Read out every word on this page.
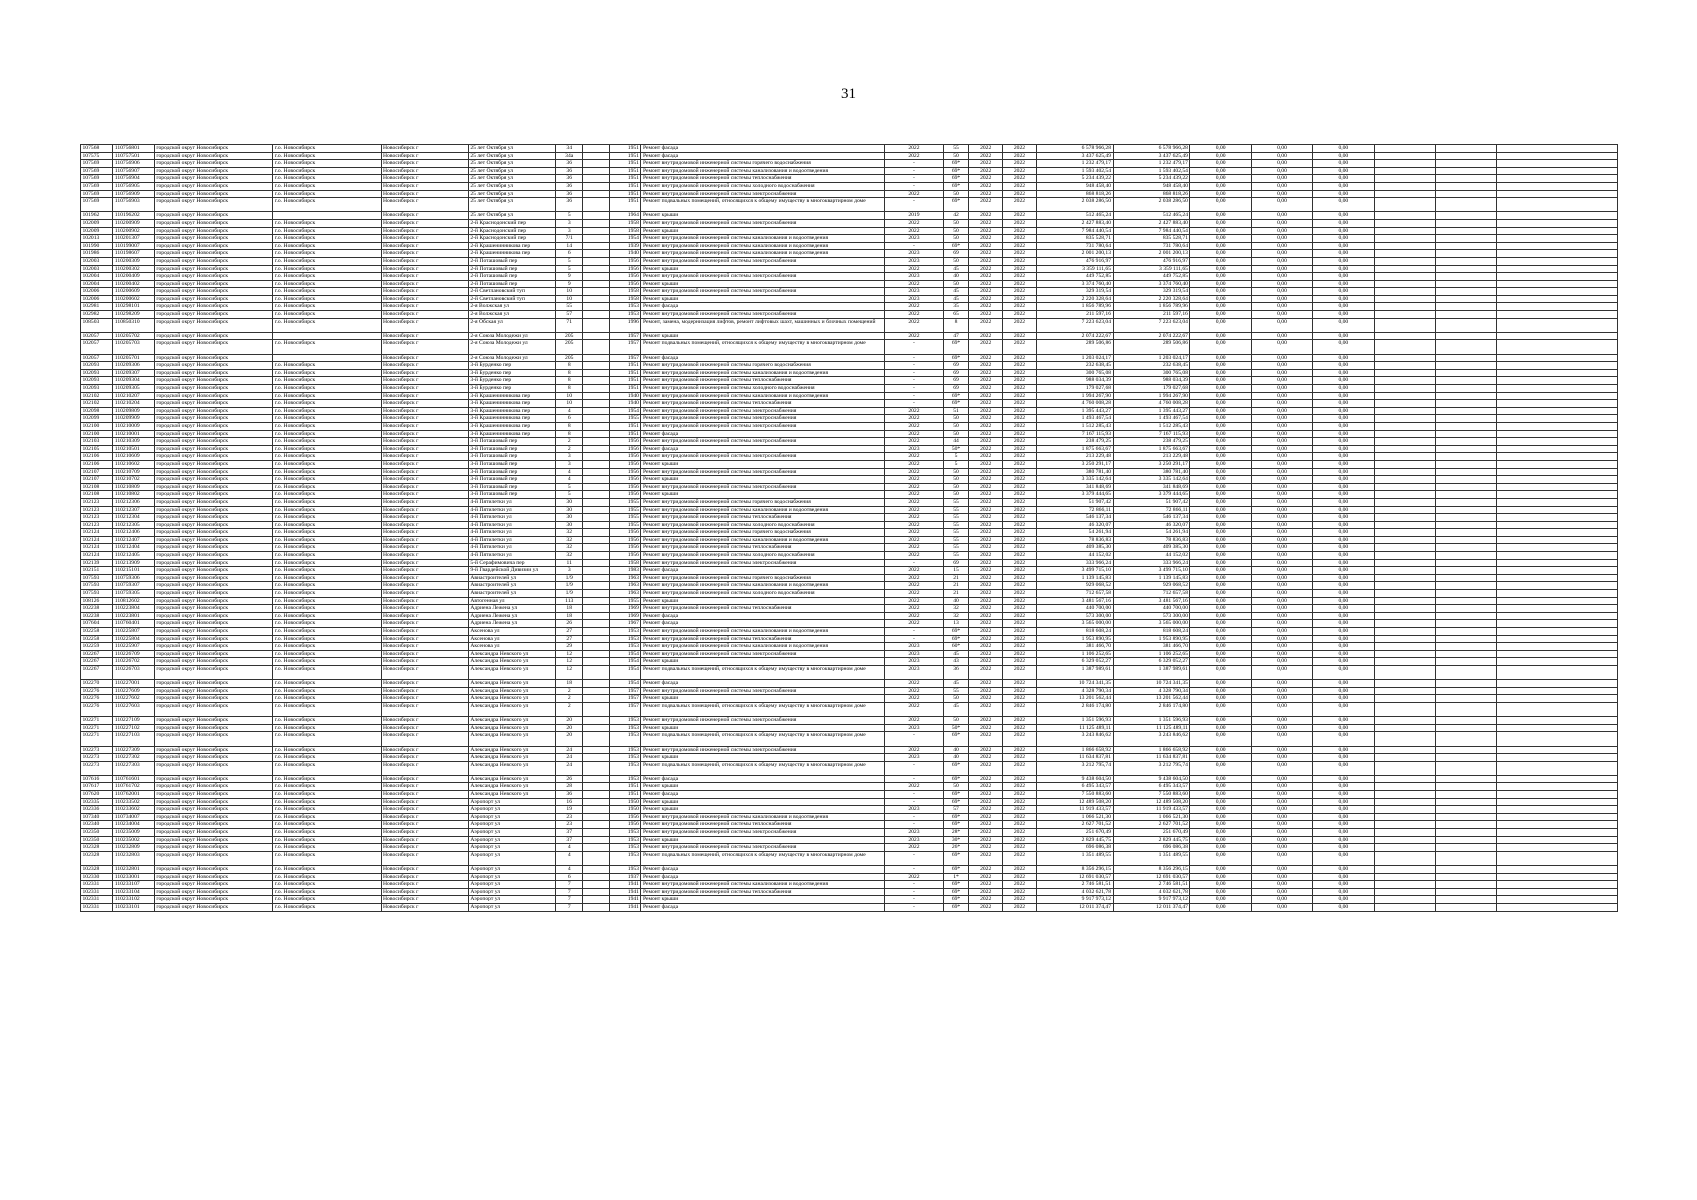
31
107568	110756801	городской округ Новосибирск	г.о. Новосибирск	Новосибирск г	25 лет Октября ул	34		1951	Ремонт фасада	2022	55	2022	2022	6 578 966,28	6 578 966,28	0,00	0,00	0,00			
107575	110757501	городской округ Новосибирск	г.о. Новосибирск	Новосибирск г	25 лет Октября ул	34а		1951	Ремонт фасада	2022	50	2022	2022	3 437 625,49	3 437 625,49	0,00	0,00	0,00			
107569	110756906	городской округ Новосибирск	г.о. Новосибирск	Новосибирск г	25 лет Октября ул	36		1951	Ремонт внутридомовой инженерной системы горячего водоснабжения	-	69*	2022	2022	1 232 479,17	1 232 479,17	0,00	0,00	0,00			
107569	110756907	городской округ Новосибирск	г.о. Новосибирск	Новосибирск г	25 лет Октября ул	36		1951	Ремонт внутридомовой инженерной системы канализования и водоотведения	-	69*	2022	2022	1 593 402,54	1 593 402,54	0,00	0,00	0,00			
107569	110756904	городской округ Новосибирск	г.о. Новосибирск	Новосибирск г	25 лет Октября ул	36		1951	Ремонт внутридомовой инженерной системы теплоснабжения	-	69*	2022	2022	5 234 439,22	5 234 439,22	0,00	0,00	0,00			
107569	110756905	городской округ Новосибирск	г.о. Новосибирск	Новосибирск г	25 лет Октября ул	36		1951	Ремонт внутридомовой инженерной системы холодного водоснабжения	-	69*	2022	2022	948 458,40	948 458,40	0,00	0,00	0,00			
107569	110756909	городской округ Новосибирск	г.о. Новосибирск	Новосибирск г	25 лет Октября ул	36		1951	Ремонт внутридомовой инженерной системы электроснабжения	2022	50	2022	2022	868 818,26	868 818,26	0,00	0,00	0,00			
107569	110756903	городской округ Новосибирск	г.о. Новосибирск	Новосибирск г	25 лет Октября ул	36		1951	Ремонт подвальных помещений, относящихся к общему имуществу в многоквартирном доме	-	69*	2022	2022	2 038 286,50	2 038 286,50	0,00	0,00	0,00			
101962	110196202	городской округ Новосибирск		Новосибирск г	25 лет Октября ул	5		1964	Ремонт крыши	2019	42	2022	2022	512 465,24	512 465,24	0,00	0,00	0,00			
102009	110200909	городской округ Новосибирск	г.о. Новосибирск	Новосибирск г	2-й Краснодонский пер	3		1958	Ремонт внутридомовой инженерной системы электроснабжения	2022	50	2022	2022	2 427 883,40	2 427 883,40	0,00	0,00	0,00			
102009	110200902	городской округ Новосибирск	г.о. Новосибирск	Новосибирск г	2-й Краснодонский пер	3		1958	Ремонт крыши	2022	50	2022	2022	7 984 440,54	7 984 440,54	0,00	0,00	0,00			
102013	110201307	городской округ Новосибирск	г.о. Новосибирск	Новосибирск г	2-й Краснодонский пер	7/1		1954	Ремонт внутридомовой инженерной системы канализования и водоотведения	2023	50	2022	2022	835 528,71	835 528,71	0,00	0,00	0,00			
101990	110199007	городской округ Новосибирск	г.о. Новосибирск	Новосибирск г	2-й Крашенинникова пер	14		1939	Ремонт внутридомовой инженерной системы канализования и водоотведения	-	69*	2022	2022	731 780,64	731 780,64	0,00	0,00	0,00			
101986	110198607	городской округ Новосибирск	г.о. Новосибирск	Новосибирск г	2-й Крашенинникова пер	6		1940	Ремонт внутридомовой инженерной системы канализования и водоотведения	2023	69	2022	2022	2 001 200,13	2 001 200,13	0,00	0,00	0,00			
102003	110200309	городской округ Новосибирск	г.о. Новосибирск	Новосибирск г	2-й Поташовый пер	5		1956	Ремонт внутридомовой инженерной системы электроснабжения	2023	50	2022	2022	476 916,97	476 916,97	0,00	0,00	0,00			
102003	110200302	городской округ Новосибирск	г.о. Новосибирск	Новосибирск г	2-й Поташовый пер	5		1956	Ремонт крыши	2022	45	2022	2022	3 359 111,65	3 359 111,65	0,00	0,00	0,00			
102004	110200409	городской округ Новосибирск	г.о. Новосибирск	Новосибирск г	2-й Поташовый пер	9		1956	Ремонт внутридомовой инженерной системы электроснабжения	2023	40	2022	2022	449 752,85	449 752,85	0,00	0,00	0,00			
102004	110200402	городской округ Новосибирск	г.о. Новосибирск	Новосибирск г	2-й Поташовый пер	9		1956	Ремонт крыши	2022	50	2022	2022	3 374 760,40	3 374 760,40	0,00	0,00	0,00			
102006	110200609	городской округ Новосибирск	г.о. Новосибирск	Новосибирск г	2-й Светлановский туп	10		1958	Ремонт внутридомовой инженерной системы электроснабжения	2023	45	2022	2022	329 319,54	329 319,54	0,00	0,00	0,00			
102006	110200602	городской округ Новосибирск	г.о. Новосибирск	Новосибирск г	2-й Светлановский туп	10		1958	Ремонт крыши	2023	45	2022	2022	2 220 328,64	2 220 328,64	0,00	0,00	0,00			
102981	110298101	городской округ Новосибирск	г.о. Новосибирск	Новосибирск г	2-я Волжская ул	55		1953	Ремонт фасада	2022	35	2022	2022	1 856 789,96	1 856 789,96	0,00	0,00	0,00			
102982	110298209	городской округ Новосибирск	г.о. Новосибирск	Новосибирск г	2-я Волжская ул	57		1953	Ремонт внутридомовой инженерной системы электроснабжения	2022	65	2022	2022	211 597,16	211 597,16	0,00	0,00	0,00			
108503	110850310	городской округ Новосибирск	г.о. Новосибирск	Новосибирск г	2-я Обская ул	71		1996	Ремонт, замена, модернизация лифтов, ремонт лифтовых шахт, машинных и блочных помещений	2022	8	2022	2022	7 223 623,04	7 223 623,04	0,00	0,00	0,00			
102057	110205702	городской округ Новосибирск		Новосибирск г	2-я Союза Молодежи ул	205		1957	Ремонт крыши	2022	47	2022	2022	2 074 222,67	2 074 222,67	0,00	0,00	0,00			
102057	110205703	городской округ Новосибирск	г.о. Новосибирск	Новосибирск г	2-я Союза Молодежи ул	205		1957	Ремонт подвальных помещений, относящихся к общему имуществу в многоквартирном доме	-	69*	2022	2022	289 506,86	289 506,86	0,00	0,00	0,00			
102057	110205701	городской округ Новосибирск		Новосибирск г	2-я Союза Молодежи ул	205		1957	Ремонт фасада	-	69*	2022	2022	1 203 024,17	1 203 024,17	0,00	0,00	0,00			
102093	110209306	городской округ Новосибирск	г.о. Новосибирск	Новосибирск г	3-й Бурденко пер	8		1951	Ремонт внутридомовой инженерной системы горячего водоснабжения	-	69	2022	2022	232 638,45	232 638,45	0,00	0,00	0,00			
102093	110209307	городской округ Новосибирск	г.о. Новосибирск	Новосибирск г	3-й Бурденко пер	8		1951	Ремонт внутридомовой инженерной системы канализования и водоотведения	-	69	2022	2022	300 765,08	300 765,08	0,00	0,00	0,00			
102093	110209304	городской округ Новосибирск	г.о. Новосибирск	Новосибирск г	3-й Бурденко пер	8		1951	Ремонт внутридомовой инженерной системы теплоснабжения	-	69	2022	2022	988 034,39	988 034,39	0,00	0,00	0,00			
102093	110209305	городской округ Новосибирск	г.о. Новосибирск	Новосибирск г	3-й Бурденко пер	8		1951	Ремонт внутридомовой инженерной системы холодного водоснабжения	-	69	2022	2022	179 027,68	179 027,68	0,00	0,00	0,00			
102102	110210207	городской округ Новосибирск	г.о. Новосибирск	Новосибирск г	3-й Крашенинникова пер	10		1940	Ремонт внутридомовой инженерной системы канализования и водоотведения	-	69*	2022	2022	1 994 267,90	1 994 267,90	0,00	0,00	0,00			
102102	110210204	городской округ Новосибирск	г.о. Новосибирск	Новосибирск г	3-й Крашенинникова пер	10		1940	Ремонт внутридомовой инженерной системы теплоснабжения	-	69*	2022	2022	4 760 008,28	4 760 008,28	0,00	0,00	0,00			
102098	110209809	городской округ Новосибирск	г.о. Новосибирск	Новосибирск г	3-й Крашенинникова пер	4		1954	Ремонт внутридомовой инженерной системы электроснабжения	2022	51	2022	2022	1 395 443,27	1 395 443,27	0,00	0,00	0,00			
102099	110209909	городской округ Новосибирск	г.о. Новосибирск	Новосибирск г	3-й Крашенинникова пер	6		1955	Ремонт внутридомовой инженерной системы электроснабжения	2022	50	2022	2022	1 493 467,54	1 493 467,54	0,00	0,00	0,00			
102100	110210009	городской округ Новосибирск	г.о. Новосибирск	Новосибирск г	3-й Крашенинникова пер	8		1951	Ремонт внутридомовой инженерной системы электроснабжения	2022	50	2022	2022	1 512 285,43	1 512 285,43	0,00	0,00	0,00			
102100	110210001	городской округ Новосибирск	г.о. Новосибирск	Новосибирск г	3-й Крашенинникова пер	8		1951	Ремонт фасада	2022	50	2022	2022	7 167 115,93	7 167 115,93	0,00	0,00	0,00			
102103	110210309	городской округ Новосибирск	г.о. Новосибирск	Новосибирск г	3-й Поташовый пер	2		1956	Ремонт внутридомовой инженерной системы электроснабжения	2022	44	2022	2022	238 479,25	238 479,25	0,00	0,00	0,00			
102105	110210501	городской округ Новосибирск	г.о. Новосибирск	Новосибирск г	3-й Поташовый пер	2		1956	Ремонт фасада	2023	50*	2022	2022	1 875 663,67	1 875 663,67	0,00	0,00	0,00			
102106	110210609	городской округ Новосибирск	г.о. Новосибирск	Новосибирск г	3-й Поташовый пер	3		1956	Ремонт внутридомовой инженерной системы электроснабжения	2022	5	2022	2022	213 229,48	213 229,48	0,00	0,00	0,00			
102106	110210602	городской округ Новосибирск	г.о. Новосибирск	Новосибирск г	3-й Поташовый пер	3		1956	Ремонт крыши	2022	5	2022	2022	3 250 291,17	3 250 291,17	0,00	0,00	0,00			
102107	110210709	городской округ Новосибирск	г.о. Новосибирск	Новосибирск г	3-й Поташовый пер	4		1956	Ремонт внутридомовой инженерной системы электроснабжения	2022	50	2022	2022	380 781,40	380 781,40	0,00	0,00	0,00			
102107	110210702	городской округ Новосибирск	г.о. Новосибирск	Новосибирск г	3-й Поташовый пер	4		1956	Ремонт крыши	2022	50	2022	2022	3 335 142,64	3 335 142,64	0,00	0,00	0,00			
102108	110210809	городской округ Новосибирск	г.о. Новосибирск	Новосибирск г	3-й Поташовый пер	5		1956	Ремонт внутридомовой инженерной системы электроснабжения	2022	50	2022	2022	341 848,69	341 848,69	0,00	0,00	0,00			
102108	110210802	городской округ Новосибирск	г.о. Новосибирск	Новосибирск г	3-й Поташовый пер	5		1956	Ремонт крыши	2022	50	2022	2022	3 379 444,65	3 379 444,65	0,00	0,00	0,00			
102123	110212306	городской округ Новосибирск	г.о. Новосибирск	Новосибирск г	4-й Пятилетки ул	30		1955	Ремонт внутридомовой инженерной системы горячего водоснабжения	2022	55	2022	2022	51 907,42	51 907,42	0,00	0,00	0,00			
102123	110212307	городской округ Новосибирск	г.о. Новосибирск	Новосибирск г	4-й Пятилетки ул	30		1955	Ремонт внутридомовой инженерной системы канализования и водоотведения	2022	55	2022	2022	72 866,11	72 866,11	0,00	0,00	0,00			
102123	110212304	городской округ Новосибирск	г.о. Новосибирск	Новосибирск г	4-й Пятилетки ул	30		1955	Ремонт внутридомовой инженерной системы теплоснабжения	2022	55	2022	2022	546 137,34	546 137,34	0,00	0,00	0,00			
102123	110212305	городской округ Новосибирск	г.о. Новосибирск	Новосибирск г	4-й Пятилетки ул	30		1955	Ремонт внутридомовой инженерной системы холодного водоснабжения	2022	55	2022	2022	46 320,07	46 320,07	0,00	0,00	0,00			
102124	110212406	городской округ Новосибирск	г.о. Новосибирск	Новосибирск г	4-й Пятилетки ул	32		1956	Ремонт внутридомовой инженерной системы горячего водоснабжения	2022	55	2022	2022	54 261,94	54 261,94	0,00	0,00	0,00			
102124	110212407	городской округ Новосибирск	г.о. Новосибирск	Новосибирск г	4-й Пятилетки ул	32		1956	Ремонт внутридомовой инженерной системы канализования и водоотведения	2022	55	2022	2022	78 836,83	78 836,83	0,00	0,00	0,00			
102124	110212404	городской округ Новосибирск	г.о. Новосибирск	Новосибирск г	4-й Пятилетки ул	32		1956	Ремонт внутридомовой инженерной системы теплоснабжения	2022	55	2022	2022	409 385,30	409 385,30	0,00	0,00	0,00			
102124	110212405	городской округ Новосибирск	г.о. Новосибирск	Новосибирск г	4-й Пятилетки ул	32		1956	Ремонт внутридомовой инженерной системы холодного водоснабжения	2022	55	2022	2022	44 152,02	44 152,02	0,00	0,00	0,00			
102139	110213909	городской округ Новосибирск	г.о. Новосибирск	Новосибирск г	5-й Серафимовича пер	11		1958	Ремонт внутридомовой инженерной системы электроснабжения	-	69	2022	2022	333 966,24	333 966,24	0,00	0,00	0,00			
102151	110215101	городской округ Новосибирск	г.о. Новосибирск	Новосибирск г	9-й Гвардейской Дивизии ул	3		1983	Ремонт фасада	2022	15	2022	2022	3 499 715,10	3 499 715,10	0,00	0,00	0,00			
107593	110759306	городской округ Новосибирск	г.о. Новосибирск	Новосибирск г	Авиастроителей ул	1/9		1963	Ремонт внутридомовой инженерной системы горячего водоснабжения	2022	21	2022	2022	1 139 145,83	1 139 145,83	0,00	0,00	0,00			
107593	110759307	городской округ Новосибирск	г.о. Новосибирск	Новосибирск г	Авиастроителей ул	1/9		1963	Ремонт внутридомовой инженерной системы канализования и водоотведения	2022	21	2022	2022	929 068,52	929 068,52	0,00	0,00	0,00			
107593	110759305	городской округ Новосибирск	г.о. Новосибирск	Новосибирск г	Авиастроителей ул	1/9		1963	Ремонт внутридомовой инженерной системы холодного водоснабжения	2022	21	2022	2022	712 657,58	712 657,58	0,00	0,00	0,00			
108126	110812602	городской округ Новосибирск	г.о. Новосибирск	Новосибирск г	Автогенная ул	113		1955	Ремонт крыши	2022	40	2022	2022	3 481 567,16	3 481 567,16	0,00	0,00	0,00			
102238	110223804	городской округ Новосибирск	г.о. Новосибирск	Новосибирск г	Адриена Лежена ул	18		1969	Ремонт внутридомовой инженерной системы теплоснабжения	2022	32	2022	2022	440 700,00	440 700,00	0,00	0,00	0,00			
102238	110223801	городской округ Новосибирск	г.о. Новосибирск	Новосибирск г	Адриена Лежена ул	18		1969	Ремонт фасада	2022	32	2022	2022	573 300,00	573 300,00	0,00	0,00	0,00			
107604	110760401	городской округ Новосибирск	г.о. Новосибирск	Новосибирск г	Адриена Лежена ул	26		1967	Ремонт фасада	2022	13	2022	2022	3 565 000,00	3 565 000,00	0,00	0,00	0,00			
102258	110225807	городской округ Новосибирск	г.о. Новосибирск	Новосибирск г	Аксенова ул	27		1953	Ремонт внутридомовой инженерной системы канализования и водоотведения	-	69*	2022	2022	818 608,24	818 608,24	0,00	0,00	0,00			
102258	110225804	городской округ Новосибирск	г.о. Новосибирск	Новосибирск г	Аксенова ул	27		1953	Ремонт внутридомовой инженерной системы теплоснабжения	-	69*	2022	2022	1 953 890,95	1 953 890,95	0,00	0,00	0,00			
102259	110225907	городской округ Новосибирск	г.о. Новосибирск	Новосибирск г	Аксенова ул	29		1953	Ремонт внутридомовой инженерной системы канализования и водоотведения	2023	60*	2022	2022	381 466,70	381 466,70	0,00	0,00	0,00			
102267	110226709	городской округ Новосибирск	г.о. Новосибирск	Новосибирск г	Александра Невского ул	12		1954	Ремонт внутридомовой инженерной системы электроснабжения	2023	45	2022	2022	1 106 252,65	1 106 252,65	0,00	0,00	0,00			
102267	110226702	городской округ Новосибирск	г.о. Новосибирск	Новосибирск г	Александра Невского ул	12		1954	Ремонт крыши	2023	43	2022	2022	6 329 052,27	6 329 052,27	0,00	0,00	0,00			
102267	110226703	городской округ Новосибирск	г.о. Новосибирск	Новосибирск г	Александра Невского ул	12		1954	Ремонт подвальных помещений, относящихся к общему имуществу в многоквартирном доме	2023	36	2022	2022	1 387 989,61	1 387 989,61	0,00	0,00	0,00			
102270	110227001	городской округ Новосибирск	г.о. Новосибирск	Новосибирск г	Александра Невского ул	18		1954	Ремонт фасада	2022	45	2022	2022	10 724 341,35	10 724 341,35	0,00	0,00	0,00			
102276	110227609	городской округ Новосибирск	г.о. Новосибирск	Новосибирск г	Александра Невского ул	2		1957	Ремонт внутридомовой инженерной системы электроснабжения	2022	55	2022	2022	4 328 790,34	4 328 790,34	0,00	0,00	0,00			
102276	110227602	городской округ Новосибирск	г.о. Новосибирск	Новосибирск г	Александра Невского ул	2		1957	Ремонт крыши	2022	50	2022	2022	13 201 562,44	13 201 562,44	0,00	0,00	0,00			
102276	110227603	городской округ Новосибирск	г.о. Новосибирск	Новосибирск г	Александра Невского ул	2		1957	Ремонт подвальных помещений, относящихся к общему имуществу в многоквартирном доме	2022	45	2022	2022	2 846 174,80	2 846 174,80	0,00	0,00	0,00			
102271	110227109	городской округ Новосибирск	г.о. Новосибирск	Новосибирск г	Александра Невского ул	20		1953	Ремонт внутридомовой инженерной системы электроснабжения	2022	50	2022	2022	1 351 596,93	1 351 596,93	0,00	0,00	0,00			
102271	110227102	городской округ Новосибирск	г.о. Новосибирск	Новосибирск г	Александра Невского ул	20		1953	Ремонт крыши	2023	50*	2022	2022	11 125 489,11	11 125 489,11	0,00	0,00	0,00			
102271	110227103	городской округ Новосибирск	г.о. Новосибирск	Новосибирск г	Александра Невского ул	20		1953	Ремонт подвальных помещений, относящихся к общему имуществу в многоквартирном доме	-	69*	2022	2022	3 243 846,62	3 243 846,62	0,00	0,00	0,00			
102273	110227309	городской округ Новосибирск	г.о. Новосибирск	Новосибирск г	Александра Невского ул	24		1953	Ремонт внутридомовой инженерной системы электроснабжения	2022	40	2022	2022	1 866 658,92	1 866 658,92	0,00	0,00	0,00			
102273	110227302	городской округ Новосибирск	г.о. Новосибирск	Новосибирск г	Александра Невского ул	24		1953	Ремонт крыши	2023	40	2022	2022	11 634 837,81	11 634 837,81	0,00	0,00	0,00			
102273	110227303	городской округ Новосибирск	г.о. Новосибирск	Новосибирск г	Александра Невского ул	24		1953	Ремонт подвальных помещений, относящихся к общему имуществу в многоквартирном доме	-	69*	2022	2022	3 212 795,74	3 212 795,74	0,00	0,00	0,00			
107616	110761601	городской округ Новосибирск	г.о. Новосибирск	Новосибирск г	Александра Невского ул	26		1953	Ремонт фасада	-	69*	2022	2022	9 438 604,50	9 438 604,50	0,00	0,00	0,00			
107617	110761702	городской округ Новосибирск	г.о. Новосибирск	Новосибирск г	Александра Невского ул	28		1951	Ремонт крыши	2022	50	2022	2022	6 495 343,57	6 495 343,57	0,00	0,00	0,00			
107620	110762001	городской округ Новосибирск	г.о. Новосибирск	Новосибирск г	Александра Невского ул	36		1951	Ремонт фасада	-	69*	2022	2022	7 550 883,60	7 550 883,60	0,00	0,00	0,00			
102335	110233502	городской округ Новосибирск	г.о. Новосибирск	Новосибирск г	Аэропорт ул	16		1950	Ремонт крыши	-	69*	2022	2022	12 489 508,20	12 489 508,20	0,00	0,00	0,00			
102336	110233602	городской округ Новосибирск	г.о. Новосибирск	Новосибирск г	Аэропорт ул	19		1950	Ремонт крыши	2023	57	2022	2022	11 919 433,57	11 919 433,57	0,00	0,00	0,00			
107340	110734007	городской округ Новосибирск	г.о. Новосибирск	Новосибирск г	Аэропорт ул	23		1956	Ремонт внутридомовой инженерной системы канализования и водоотведения	-	69*	2022	2022	1 066 521,30	1 066 521,30	0,00	0,00	0,00			
102340	110234004	городской округ Новосибирск	г.о. Новосибирск	Новосибирск г	Аэропорт ул	23		1956	Ремонт внутридомовой инженерной системы теплоснабжения	-	69*	2022	2022	2 627 701,52	2 627 701,52	0,00	0,00	0,00			
102350	110235009	городской округ Новосибирск	г.о. Новосибирск	Новосибирск г	Аэропорт ул	37		1953	Ремонт внутридомовой инженерной системы электроснабжения	2023	28*	2022	2022	251 670,49	251 670,49	0,00	0,00	0,00			
102350	110235002	городской округ Новосибирск	г.о. Новосибирск	Новосибирск г	Аэропорт ул	37		1953	Ремонт крыши	2023	30*	2022	2022	2 829 445,75	2 829 445,75	0,00	0,00	0,00			
102328	110232809	городской округ Новосибирск	г.о. Новосибирск	Новосибирск г	Аэропорт ул	4		1953	Ремонт внутридомовой инженерной системы электроснабжения	2022	26*	2022	2022	696 086,38	696 086,38	0,00	0,00	0,00			
102328	110232803	городской округ Новосибирск	г.о. Новосибирск	Новосибирск г	Аэропорт ул	4		1953	Ремонт подвальных помещений, относящихся к общему имуществу в многоквартирном доме	-	69*	2022	2022	1 351 489,55	1 351 489,55	0,00	0,00	0,00			
102328	110232801	городской округ Новосибирск	г.о. Новосибирск	Новосибирск г	Аэропорт ул	4		1953	Ремонт фасада	-	69*	2022	2022	8 356 296,15	8 356 296,15	0,00	0,00	0,00			
102330	110233001	городской округ Новосибирск	г.о. Новосибирск	Новосибирск г	Аэропорт ул	6		1937	Ремонт фасада	2022	1*	2022	2022	12 691 030,57	12 691 030,57	0,00	0,00	0,00			
102331	110233107	городской округ Новосибирск	г.о. Новосибирск	Новосибирск г	Аэропорт ул	7		1941	Ремонт внутридомовой инженерной системы канализования и водоотведения	-	69*	2022	2022	2 746 581,51	2 746 581,51	0,00	0,00	0,00			
102331	110233104	городской округ Новосибирск	г.о. Новосибирск	Новосибирск г	Аэропорт ул	7		1941	Ремонт внутридомовой инженерной системы теплоснабжения	-	69*	2022	2022	4 032 621,78	4 032 621,78	0,00	0,00	0,00			
102331	110233102	городской округ Новосибирск	г.о. Новосибирск	Новосибирск г	Аэропорт ул	7		1941	Ремонт крыши	-	69*	2022	2022	9 917 973,12	9 917 973,12	0,00	0,00	0,00			
102331	110233101	городской округ Новосибирск	г.о. Новосибирск	Новосибирск г	Аэропорт ул	7		1941	Ремонт фасада	-	69*	2022	2022	12 011 374,47	12 011 374,47	0,00	0,00	0,00			
